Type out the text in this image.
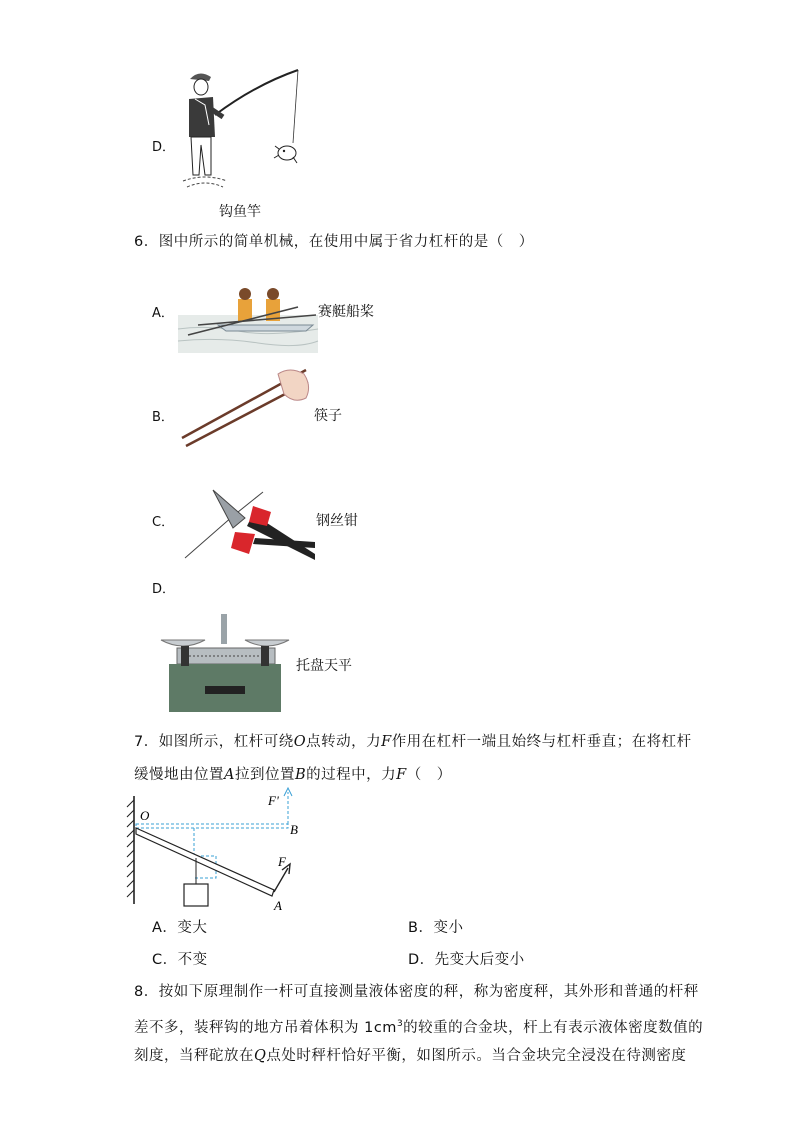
D．
钩鱼竿
6．图中所示的简单机械，在使用中属于省力杠杆的是（　）
A．	赛艇船桨
B．	筷子
C．	钢丝钳
D．
托盘天平
7．如图所示，杠杆可绕O点转动，力F作用在杠杆一端且始终与杠杆垂直；在将杠杆
缓慢地由位置A拉到位置B的过程中，力F（　）
O
B
F'
F
A
A．变大	B．变小
C．不变	D．先变大后变小
8．按如下原理制作一杆可直接测量液体密度的秤，称为密度秤，其外形和普通的杆秤
差不多，装秤钩的地方吊着体积为 $1cm^3$的较重的合金块，杆上有表示液体密度数值的
刻度，当秤砣放在Q点处时秤杆恰好平衡，如图所示。当合金块完全浸没在待测密度
